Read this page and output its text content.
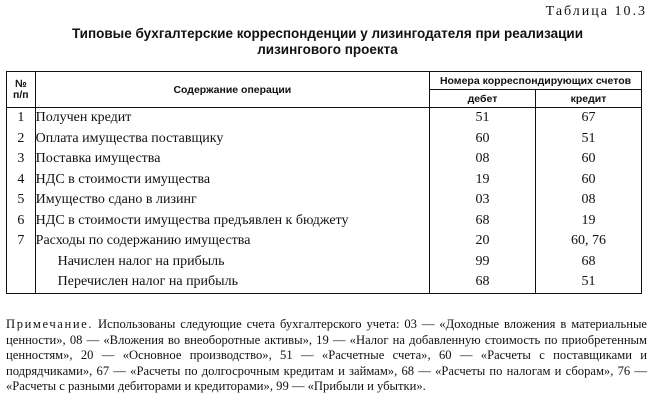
Таблица 10.3
Типовые бухгалтерские корреспонденции у лизингодателя при реализации
лизингового проекта
№
п/п	Содержание операции	Номера корреспондирующих счетов	
		дебет	кредит
1	Получен кредит	51	67
2	Оплата имущества поставщику	60	51
3	Поставка имущества	08	60
4	НДС в стоимости имущества	19	60
5	Имущество сдано в лизинг	03	08
6	НДС в стоимости имущества предъявлен к бюджету	68	19
7	Расходы по содержанию имущества	20	60, 76
	Начислен налог на прибыль	99	68
	Перечислен налог на прибыль	68	51
Примечание. Использованы следующие счета бухгалтерского учета: 03 — «Доходные вложения в материальные ценности», 08 — «Вложения во внеоборотные активы», 19 — «Налог на добавленную стоимость по приобретенным ценностям», 20 — «Основное производство», 51 — «Расчетные счета», 60 — «Расчеты с поставщиками и подрядчиками», 67 — «Расчеты по долгосрочным кредитам и займам», 68 — «Расчеты по налогам и сборам», 76 — «Расчеты с разными дебиторами и кредиторами», 99 — «Прибыли и убытки».
